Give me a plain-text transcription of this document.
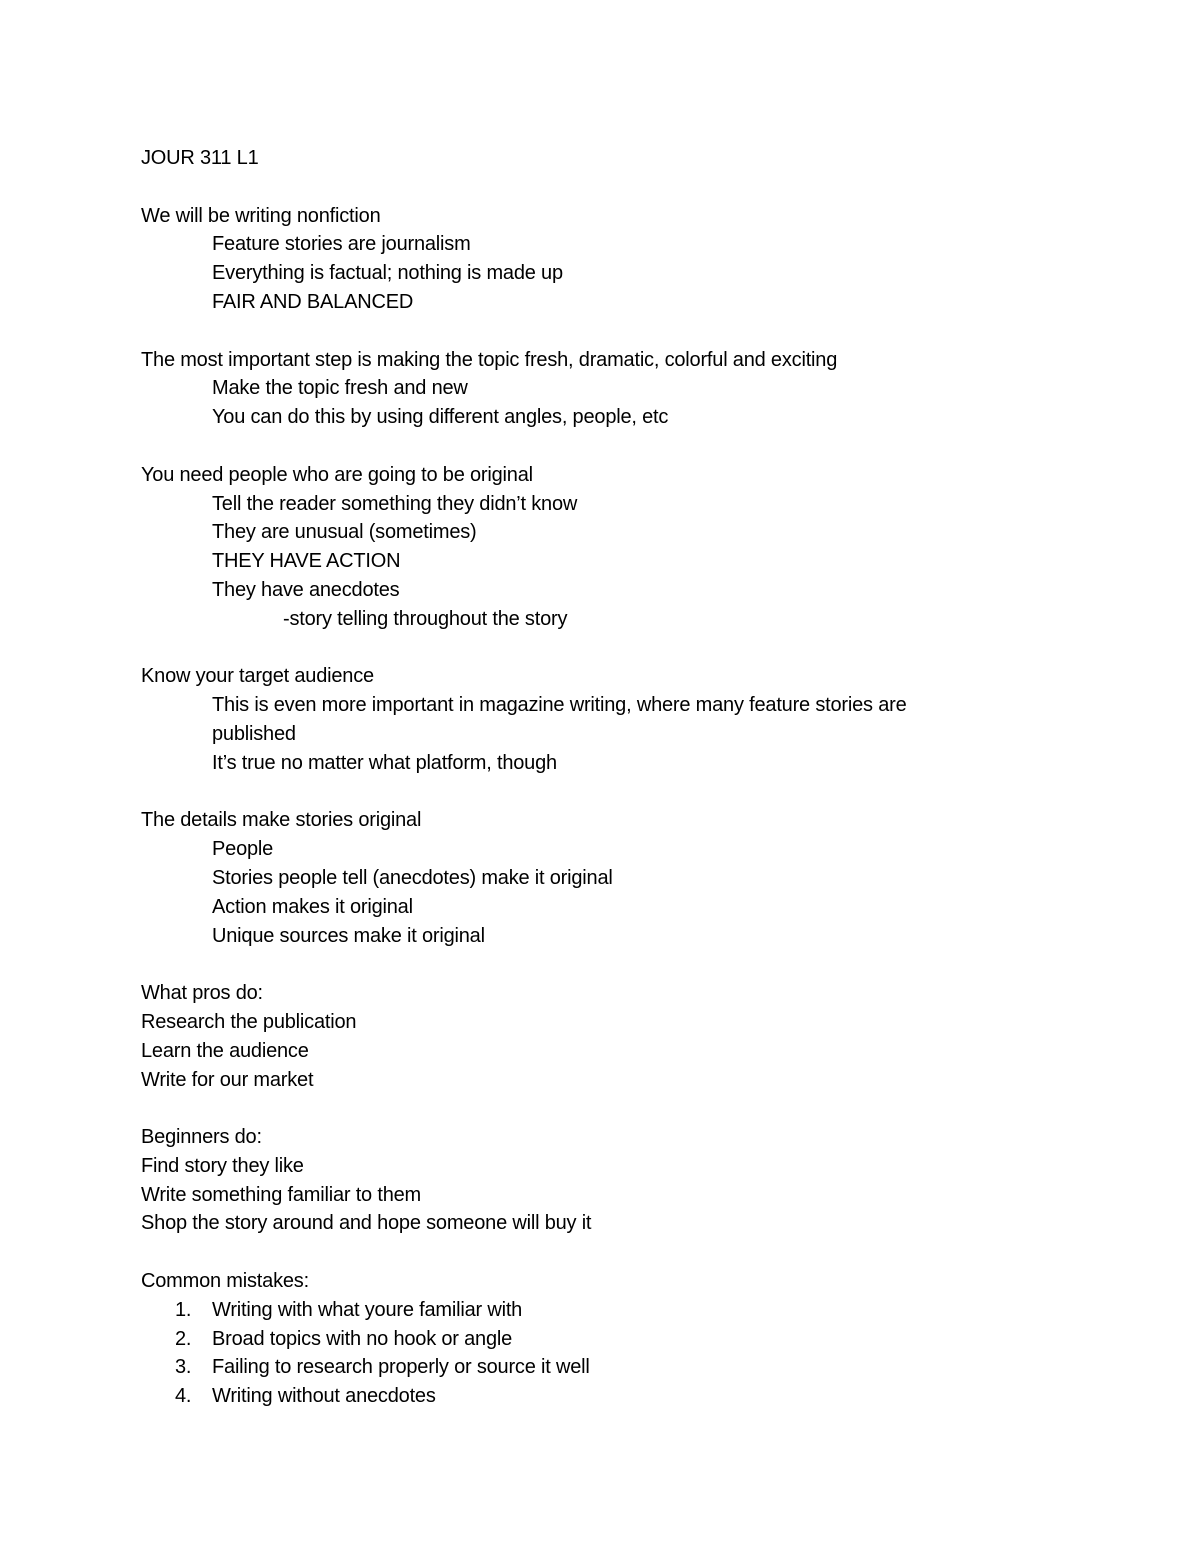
JOUR 311 L1
We will be writing nonfiction
Feature stories are journalism
Everything is factual; nothing is made up
FAIR AND BALANCED
The most important step is making the topic fresh, dramatic, colorful and exciting
Make the topic fresh and new
You can do this by using different angles, people, etc
You need people who are going to be original
Tell the reader something they didn’t know
They are unusual (sometimes)
THEY HAVE ACTION
They have anecdotes
-story telling throughout the story
Know your target audience
This is even more important in magazine writing, where many feature stories are published
It’s true no matter what platform, though
The details make stories original
People
Stories people tell (anecdotes) make it original
Action makes it original
Unique sources make it original
What pros do:
Research the publication
Learn the audience
Write for our market
Beginners do:
Find story they like
Write something familiar to them
Shop the story around and hope someone will buy it
Common mistakes:
1.	Writing with what youre familiar with
2.	Broad topics with no hook or angle
3.	Failing to research properly or source it well
4.	Writing without anecdotes
